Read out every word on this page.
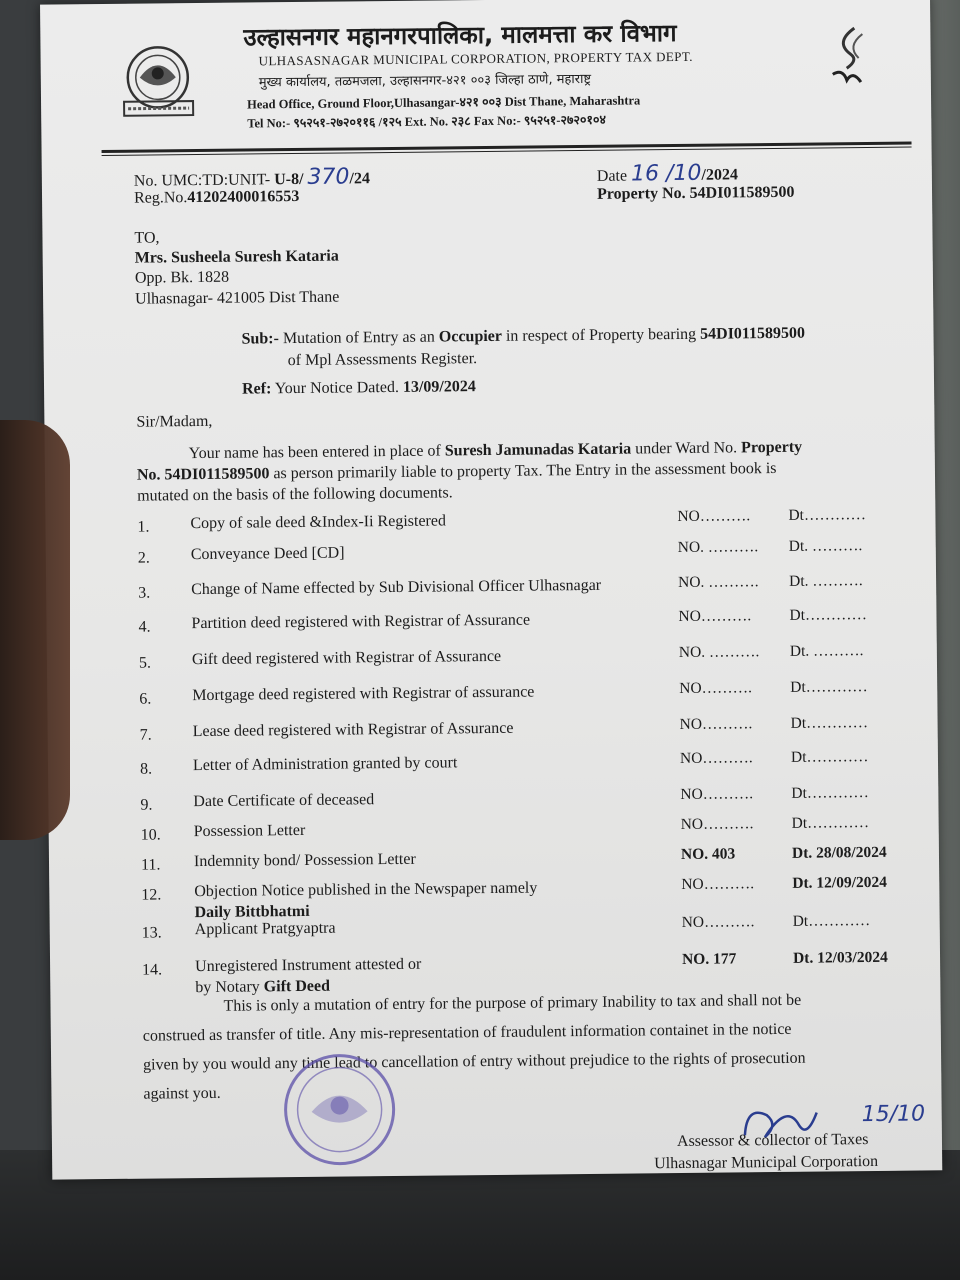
उल्हासनगर महानगरपालिका, मालमत्ता कर विभाग
ULHASASNAGAR MUNICIPAL CORPORATION, PROPERTY TAX DEPT.
मुख्य कार्यालय, तळमजला, उल्हासनगर-४२१ ००३ जिल्हा ठाणे, महाराष्ट्र
Head Office, Ground Floor,Ulhasangar-४२१ ००३ Dist Thane, Maharashtra
Tel No:- ९५२५१-२७२०११६ /१२५ Ext. No. २३८ Fax No:- ९५२५१-२७२०१०४
No. UMC:TD:UNIT- U-8/ 370/24
Reg.No.41202400016553
Date 16 /10/2024
Property No. 54DI011589500
TO,
Mrs. Susheela Suresh Kataria
Opp. Bk. 1828
Ulhasnagar- 421005 Dist Thane
Sub:- Mutation of Entry as an Occupier in respect of Property bearing 54DI011589500
of Mpl Assessments Register.
Ref: Your Notice Dated. 13/09/2024
Sir/Madam,
Your name has been entered in place of Suresh Jamunadas Kataria under Ward No. Property
No. 54DI011589500 as person primarily liable to property Tax. The Entry in the assessment book is
mutated on the basis of the following documents.
1.	Copy of sale deed &Index-Ii Registered	NO………. Dt…………
2.	Conveyance Deed [CD]	NO. ………. Dt. ……….
3.	Change of Name effected by Sub Divisional Officer Ulhasnagar	NO. ………. Dt. ……….
4.	Partition deed registered with Registrar of Assurance	NO………. Dt…………
5.	Gift deed registered with Registrar of Assurance	NO. ………. Dt. ……….
6.	Mortgage deed registered with Registrar of assurance	NO………. Dt…………
7.	Lease deed registered with Registrar of Assurance	NO………. Dt…………
8.	Letter of Administration granted by court	NO………. Dt…………
9.	Date Certificate of deceased	NO………. Dt…………
10. Possession Letter	NO………. Dt…………
11. Indemnity bond/ Possession Letter	NO. 403	Dt. 28/08/2024
12. Objection Notice published in the Newspaper namely
Daily Bittbhatmi
NO………. Dt. 12/09/2024
13. Applicant Pratgyaptra	NO………. Dt…………
14. Unregistered Instrument attested or
by Notary Gift Deed
NO. 177	Dt. 12/03/2024
This is only a mutation of entry for the purpose of primary Inability to tax and shall not be
construed as transfer of title. Any mis-representation of fraudulent information containet in the notice
given by you would any time lead to cancellation of entry without prejudice to the rights of prosecution
against you.
15/10
Assessor & collector of Taxes
Ulhasnagar Municipal Corporation
